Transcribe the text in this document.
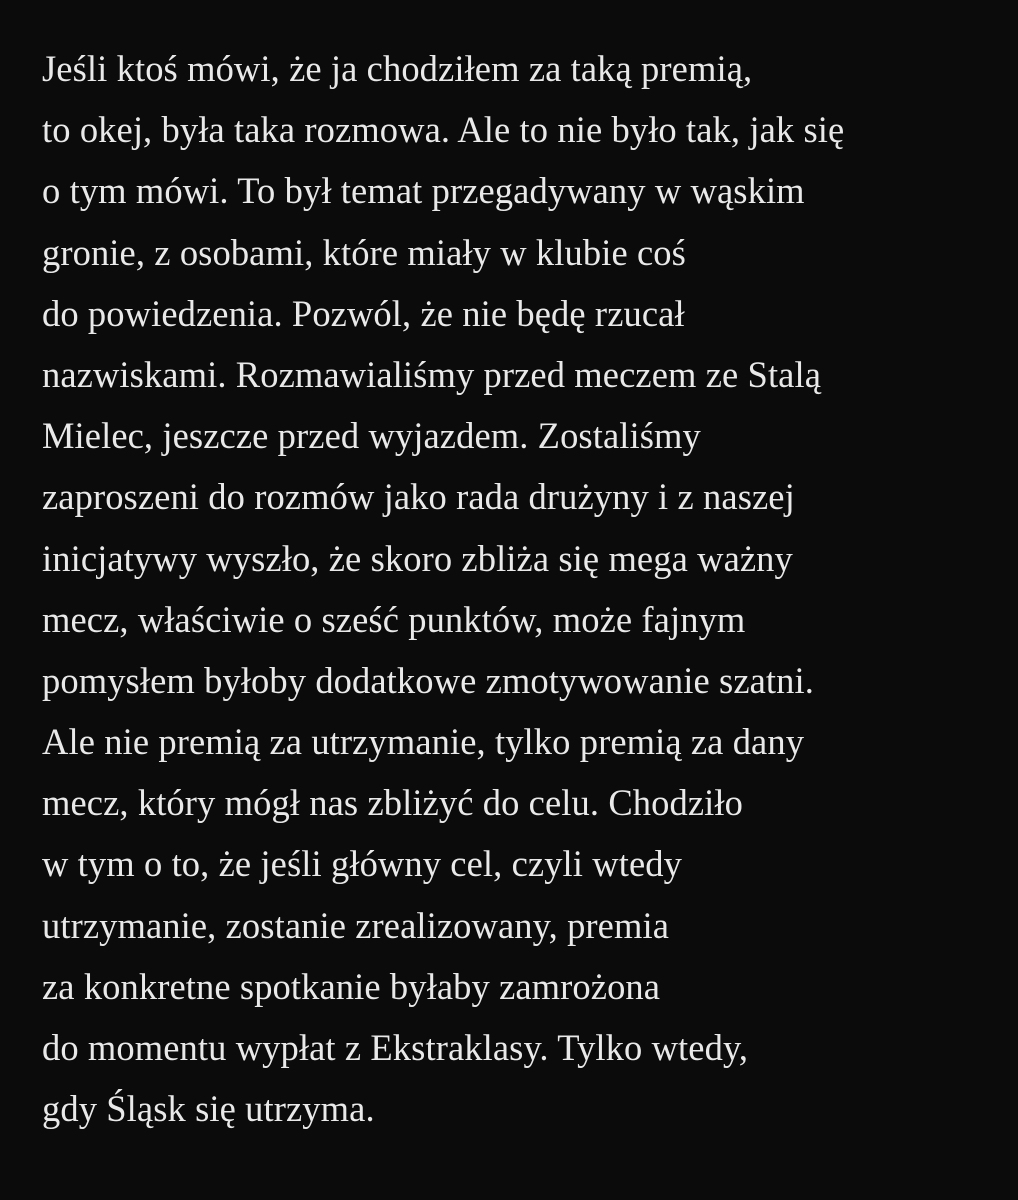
Jeśli ktoś mówi, że ja chodziłem za taką premią,
to okej, była taka rozmowa. Ale to nie było tak, jak się
o tym mówi. To był temat przegadywany w wąskim
gronie, z osobami, które miały w klubie coś
do powiedzenia. Pozwól, że nie będę rzucał
nazwiskami. Rozmawialiśmy przed meczem ze Stalą
Mielec, jeszcze przed wyjazdem. Zostaliśmy
zaproszeni do rozmów jako rada drużyny i z naszej
inicjatywy wyszło, że skoro zbliża się mega ważny
mecz, właściwie o sześć punktów, może fajnym
pomysłem byłoby dodatkowe zmotywowanie szatni.
Ale nie premią za utrzymanie, tylko premią za dany
mecz, który mógł nas zbliżyć do celu. Chodziło
w tym o to, że jeśli główny cel, czyli wtedy
utrzymanie, zostanie zrealizowany, premia
za konkretne spotkanie byłaby zamrożona
do momentu wypłat z Ekstraklasy. Tylko wtedy,
gdy Śląsk się utrzyma.
